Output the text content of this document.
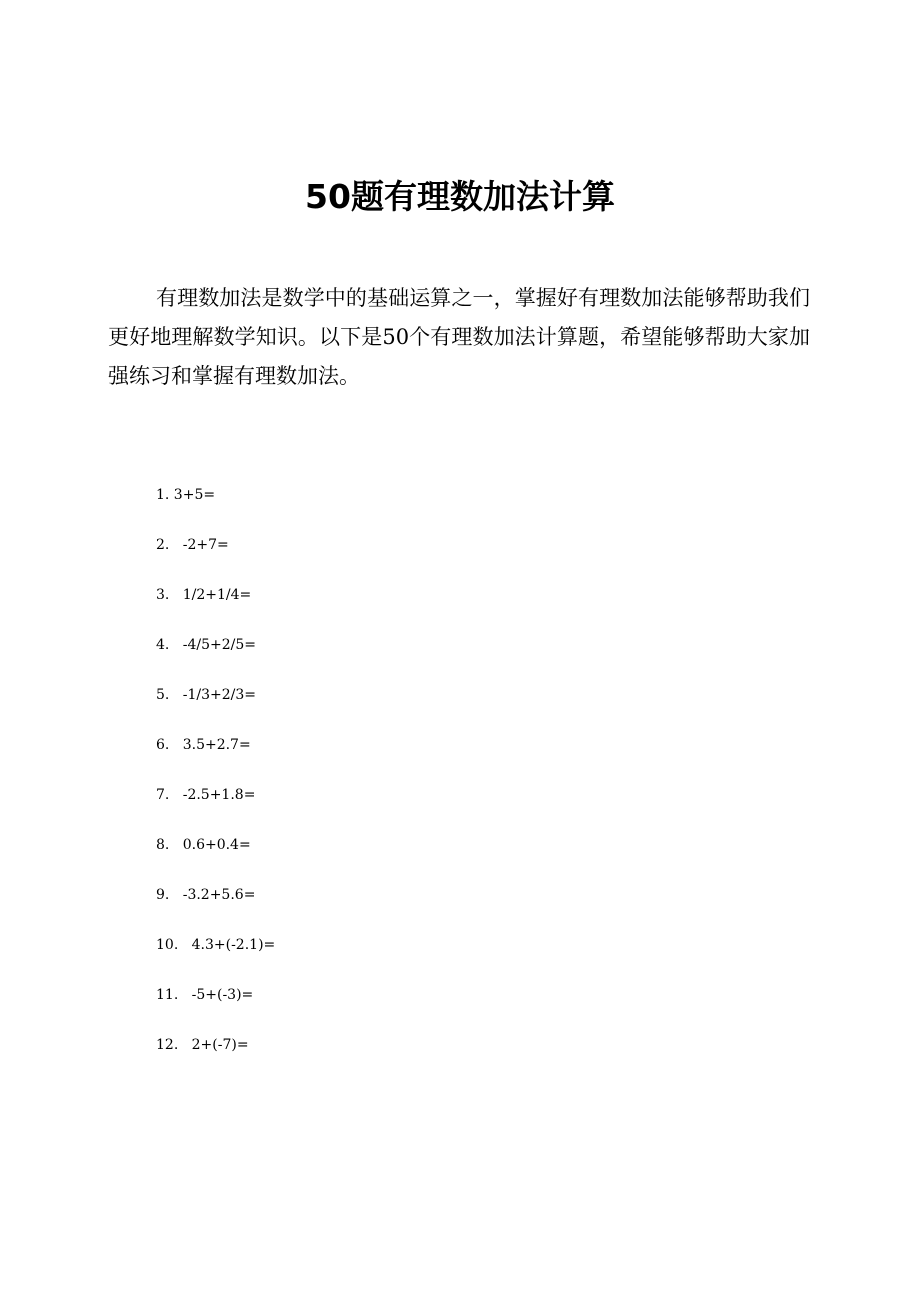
50题有理数加法计算

有理数加法是数学中的基础运算之一，掌握好有理数加法能够帮助我们更好地理解数学知识。以下是50个有理数加法计算题，希望能够帮助大家加强练习和掌握有理数加法。

1. 3+5=
2.   -2+7=
3.   1/2+1/4=
4.   -4/5+2/5=
5.   -1/3+2/3=
6.   3.5+2.7=
7.   -2.5+1.8=
8.   0.6+0.4=
9.   -3.2+5.6=
10.   4.3+(-2.1)=
11.   -5+(-3)=
12.   2+(-7)=
